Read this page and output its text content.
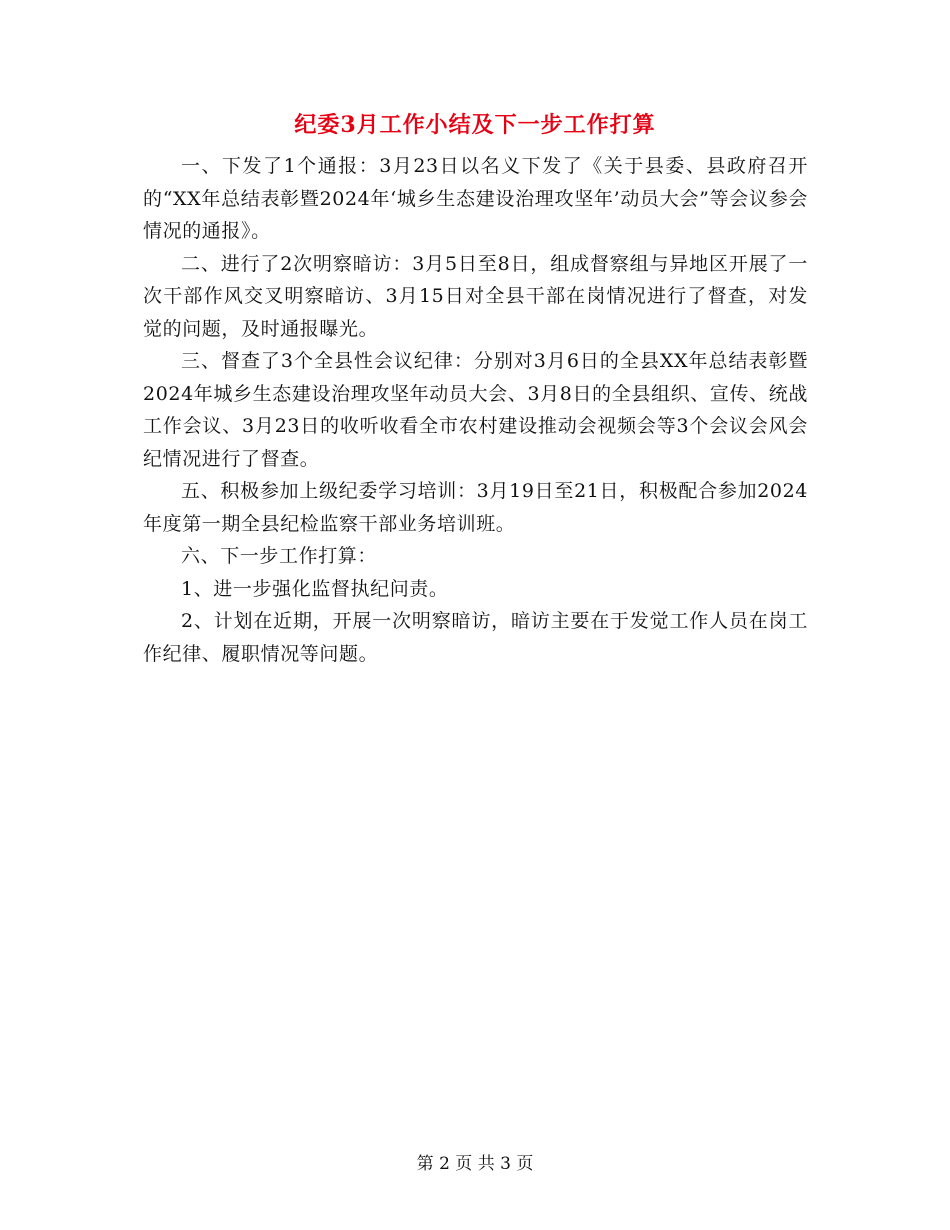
纪委3月工作小结及下一步工作打算

一、下发了1个通报：3月23日以名义下发了《关于县委、县政府召开的“XX年总结表彰暨2024年‘城乡生态建设治理攻坚年’动员大会”等会议参会情况的通报》。

二、进行了2次明察暗访：3月5日至8日，组成督察组与异地区开展了一次干部作风交叉明察暗访、3月15日对全县干部在岗情况进行了督查，对发觉的问题，及时通报曝光。

三、督查了3个全县性会议纪律：分别对3月6日的全县XX年总结表彰暨2024年城乡生态建设治理攻坚年动员大会、3月8日的全县组织、宣传、统战工作会议、3月23日的收听收看全市农村建设推动会视频会等3个会议会风会纪情况进行了督查。

五、积极参加上级纪委学习培训：3月19日至21日，积极配合参加2024年度第一期全县纪检监察干部业务培训班。

六、下一步工作打算：

1、进一步强化监督执纪问责。

2、计划在近期，开展一次明察暗访，暗访主要在于发觉工作人员在岗工作纪律、履职情况等问题。

第 2 页 共 3 页
